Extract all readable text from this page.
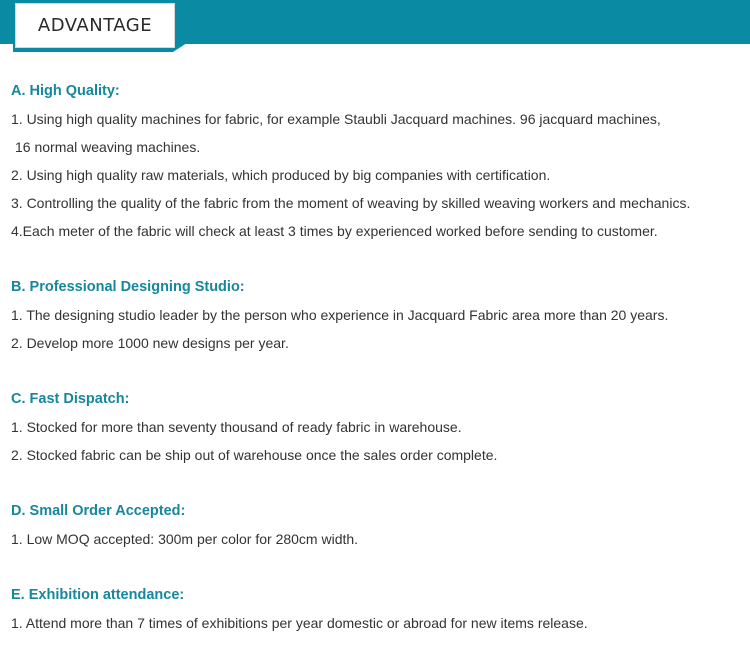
ADVANTAGE
A. High Quality:
1. Using high quality machines for fabric, for example Staubli Jacquard machines. 96 jacquard machines,
16 normal weaving machines.
2. Using high quality raw materials, which produced by big companies with certification.
3. Controlling the quality of the fabric from the moment of weaving by skilled weaving workers and mechanics.
4.Each meter of the fabric will check at least 3 times by experienced worked before sending to customer.
B. Professional Designing Studio:
1. The designing studio leader by the person who experience in Jacquard Fabric area more than 20 years.
2. Develop more 1000 new designs per year.
C. Fast Dispatch:
1. Stocked for more than seventy thousand of ready fabric in warehouse.
2. Stocked fabric can be ship out of warehouse once the sales order complete.
D. Small Order Accepted:
1. Low MOQ accepted: 300m per color for 280cm width.
E. Exhibition attendance:
1. Attend more than 7 times of exhibitions per year domestic or abroad for new items release.
